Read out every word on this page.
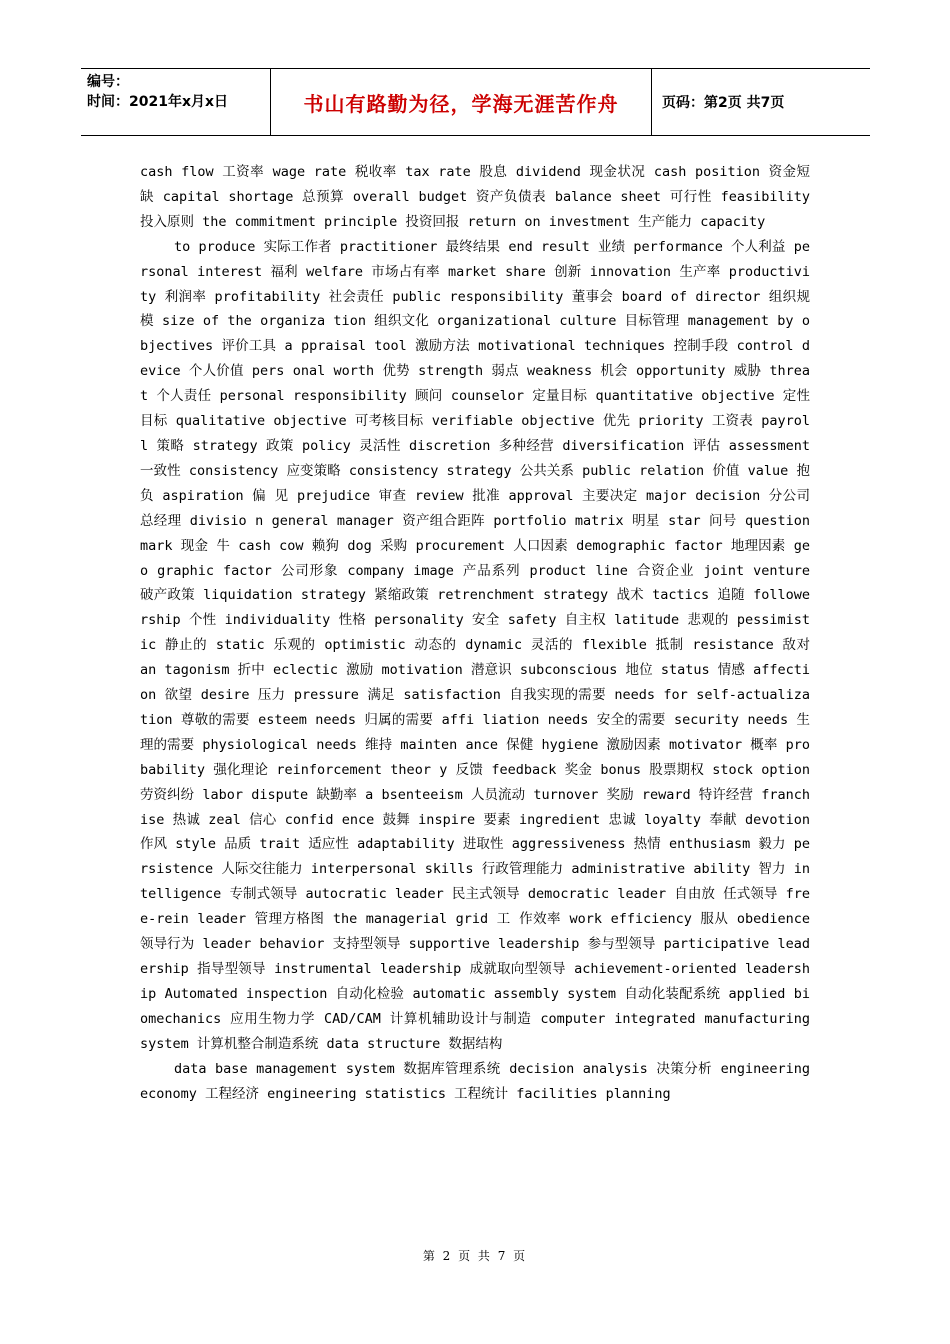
编号：
时间：2021年x月x日	书山有路勤为径，学海无涯苦作舟	页码：第2页 共7页

cash flow 工资率 wage rate 税收率 tax rate 股息 dividend 现金状况 cash position 资金短缺 capital shortage 总预算 overall budget 资产负债表 balance sheet 可行性 feasibility 投入原则 the commitment principle 投资回报 return on investment 生产能力 capacity

to produce 实际工作者 practitioner 最终结果 end result 业绩 performance 个人利益 personal interest 福利 welfare 市场占有率 market share 创新 innovation 生产率 productivity 利润率 profitability 社会责任 public responsibility 董事会 board of director 组织规模 size of the organiza tion 组织文化 organizational culture 目标管理 management by objectives 评价工具 a ppraisal tool 激励方法 motivational techniques 控制手段 control device 个人价值 pers onal worth 优势 strength 弱点 weakness 机会 opportunity 威胁 threat 个人责任 personal responsibility 顾问 counselor 定量目标 quantitative objective 定性 目标 qualitative objective 可考核目标 verifiable objective 优先 priority 工资表 payroll 策略 strategy 政策 policy 灵活性 discretion 多种经营 diversification 评估 assessment 一致性 consistency 应变策略 consistency strategy 公共关系 public relation 价值 value 抱负 aspiration 偏 见 prejudice 审查 review 批准 approval 主要决定 major decision 分公司总经理 divisio n general manager 资产组合距阵 portfolio matrix 明星 star 问号 question mark 现金 牛 cash cow 赖狗 dog 采购 procurement 人口因素 demographic factor 地理因素 geo graphic factor 公司形象 company image 产品系列 product line 合资企业 joint venture 破产政策 liquidation strategy 紧缩政策 retrenchment strategy 战术 tactics 追随 followership 个性 individuality 性格 personality 安全 safety 自主权 latitude 悲观的 pessimistic 静止的 static 乐观的 optimistic 动态的 dynamic 灵活的 flexible 抵制 resistance 敌对 an tagonism 折中 eclectic 激励 motivation 潜意识 subconscious 地位 status 情感 affecti on 欲望 desire 压力 pressure 满足 satisfaction 自我实现的需要 needs for self-actualization 尊敬的需要 esteem needs 归属的需要 affi liation needs 安全的需要 security needs 生理的需要 physiological needs 维持 mainten ance 保健 hygiene 激励因素 motivator 概率 probability 强化理论 reinforcement theor y 反馈 feedback 奖金 bonus 股票期权 stock option 劳资纠纷 labor dispute 缺勤率 a bsenteeism 人员流动 turnover 奖励 reward 特许经营 franchise 热诚 zeal 信心 confid ence 鼓舞 inspire 要素 ingredient 忠诚 loyalty 奉献 devotion 作风 style 品质 trait 适应性 adaptability 进取性 aggressiveness 热情 enthusiasm 毅力 persistence 人际交往能力 interpersonal skills 行政管理能力 administrative ability 智力 intelligence 专制式领导 autocratic leader 民主式领导 democratic leader 自由放 任式领导 free-rein leader 管理方格图 the managerial grid 工 作效率 work efficiency 服从 obedience 领导行为 leader behavior 支持型领导 supportive leadership 参与型领导 participative leadership 指导型领导 instrumental leadership 成就取向型领导 achievement-oriented leadership Automated inspection 自动化检验 automatic assembly system 自动化装配系统 applied biomechanics 应用生物力学 CAD/CAM 计算机辅助设计与制造 computer integrated manufacturing system 计算机整合制造系统 data structure 数据结构

data base management system 数据库管理系统 decision analysis 决策分析 engineering economy 工程经济 engineering statistics 工程统计 facilities planning

第 2 页 共 7 页
